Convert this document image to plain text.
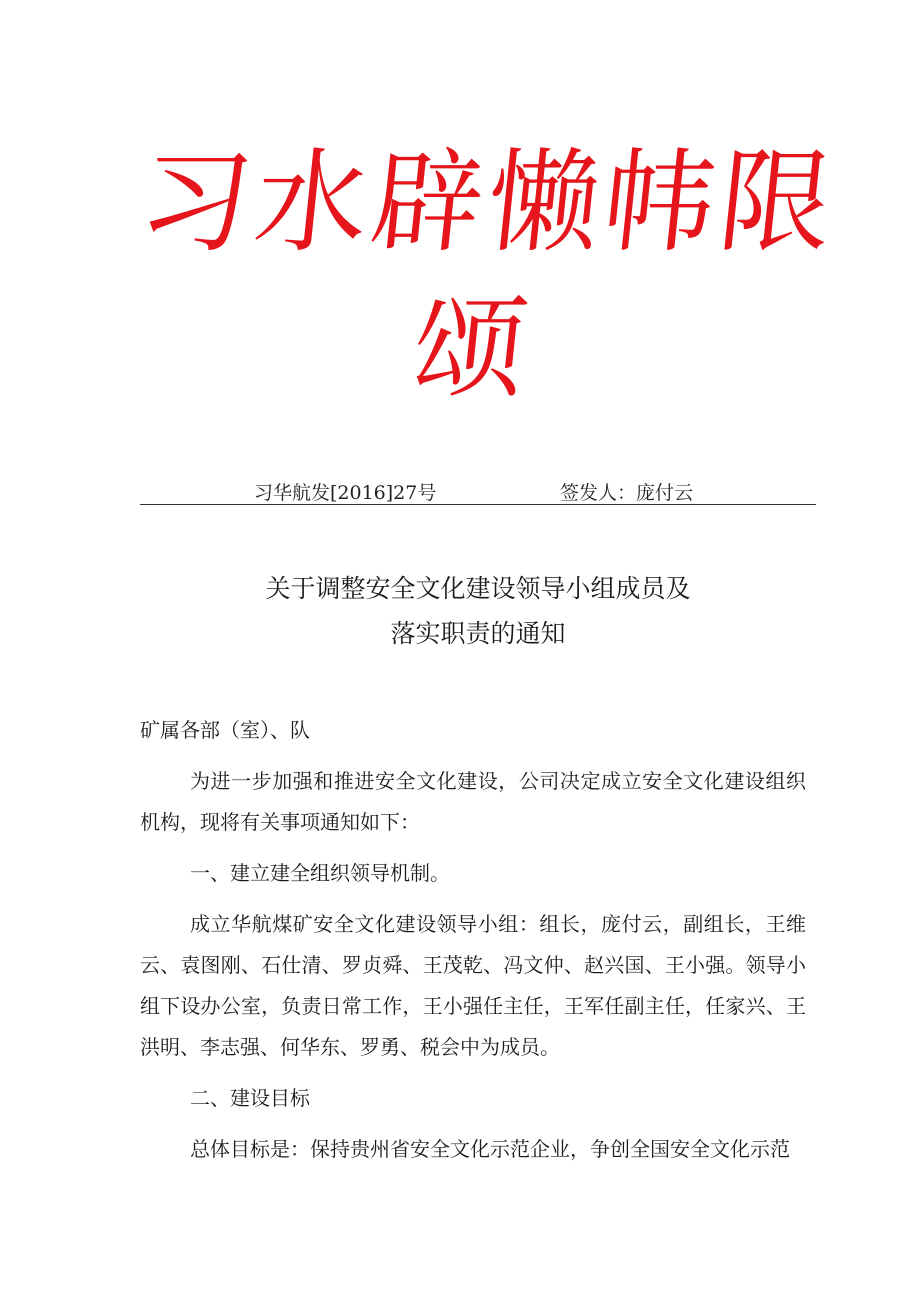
习水辟懒帏限
颂
习华航发[2016]27号	签发人：庞付云
关于调整安全文化建设领导小组成员及
落实职责的通知

矿属各部（室）、队

为进一步加强和推进安全文化建设，公司决定成立安全文化建设组织机构，现将有关事项通知如下：

一、建立建全组织领导机制。

成立华航煤矿安全文化建设领导小组：组长，庞付云，副组长，王维云、袁图刚、石仕清、罗贞舜、王茂乾、冯文仲、赵兴国、王小强。领导小组下设办公室，负责日常工作，王小强任主任，王军任副主任，任家兴、王洪明、李志强、何华东、罗勇、税会中为成员。

二、建设目标

总体目标是：保持贵州省安全文化示范企业，争创全国安全文化示范
